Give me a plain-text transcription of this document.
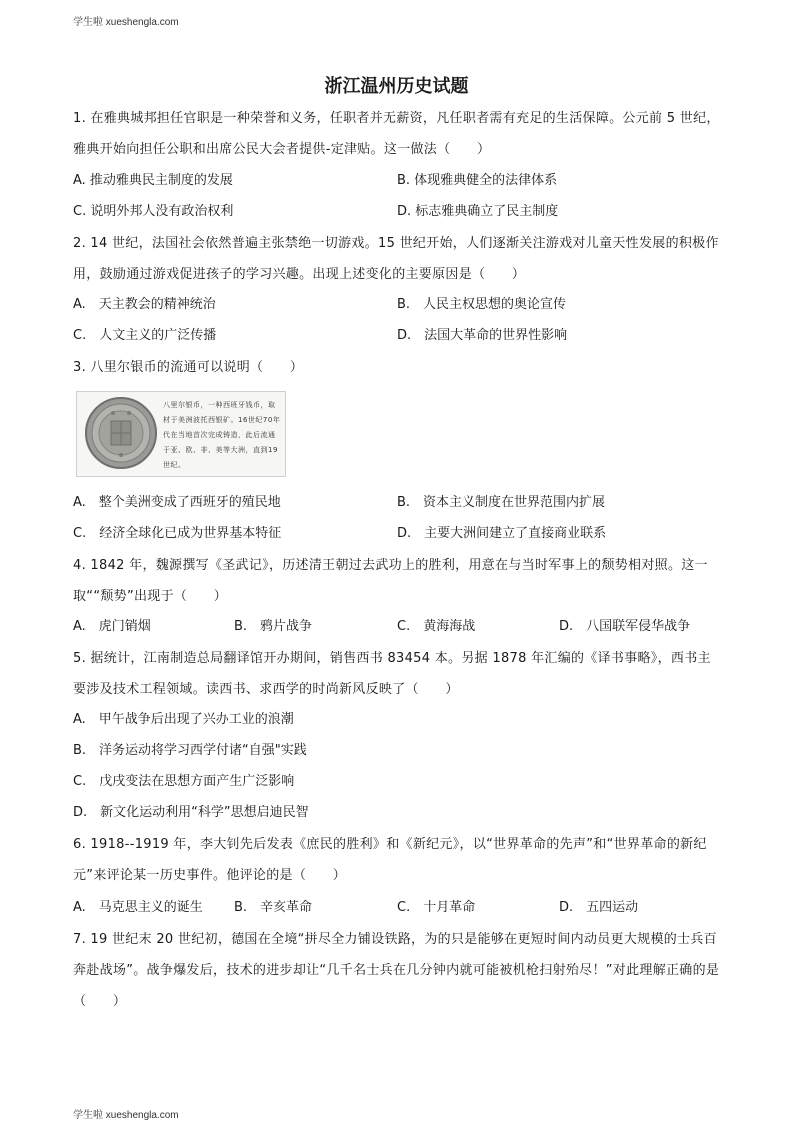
学生啦 xueshengla.com
浙江温州历史试题
1. 在雅典城邦担任官职是一种荣誉和义务，任职者并无薪资，凡任职者需有充足的生活保障。公元前 5 世纪，雅典开始向担任公职和出席公民大会者提供-定津贴。这一做法（　　）
A. 推动雅典民主制度的发展	B. 体现雅典健全的法律体系
C. 说明外邦人没有政治权利	D. 标志雅典确立了民主制度
2. 14 世纪，法国社会依然普遍主张禁绝一切游戏。15 世纪开始，人们逐渐关注游戏对儿童天性发展的积极作用，鼓励通过游戏促进孩子的学习兴趣。出现上述变化的主要原因是（　　）
A.　天主教会的精神统治	B.　人民主权思想的奥论宣传
C.　人文主义的广泛传播	D.　法国大革命的世界性影响
3. 八里尔银币的流通可以说明（　　）
八里尔银币，一种西班牙钱币，取材于美洲波托西银矿。16世纪70年代在当地首次完成铸造，此后流通于亚、欧、非、美等大洲，直到19世纪。
A.　整个美洲变成了西班牙的殖民地	B.　资本主义制度在世界范围内扩展
C.　经济全球化已成为世界基本特征	D.　主要大洲间建立了直接商业联系
4. 1842 年，魏源撰写《圣武记》，历述清王朝过去武功上的胜利，用意在与当时军事上的颓势相对照。这一取““颓势”出现于（　　）
A.　虎门销烟	B.　鸦片战争	C.　黄海海战	D.　八国联军侵华战争
5. 据统计，江南制造总局翻译馆开办期间，销售西书 83454 本。另据 1878 年汇编的《译书事略》，西书主要涉及技术工程领域。读西书、求西学的时尚新风反映了（　　）
A.　甲午战争后出现了兴办工业的浪潮
B.　洋务运动将学习西学付诸“自强"实践
C.　戊戌变法在思想方面产生广泛影响
D.　新文化运动利用“科学”思想启迪民智
6. 1918--1919 年，李大钊先后发表《庶民的胜利》和《新纪元》，以“世界革命的先声”和“世界革命的新纪元”来评论某一历史事件。他评论的是（　　）
A.　马克思主义的诞生 B.　辛亥革命	C.　十月革命	D.　五四运动
7. 19 世纪末 20 世纪初，德国在全境“拼尽全力铺设铁路，为的只是能够在更短时间内动员更大规模的士兵百奔赴战场”。战争爆发后，技术的进步却让“几千名士兵在几分钟内就可能被机枪扫射殆尽！”对此理解正确的是（　　）
学生啦 xueshengla.com
